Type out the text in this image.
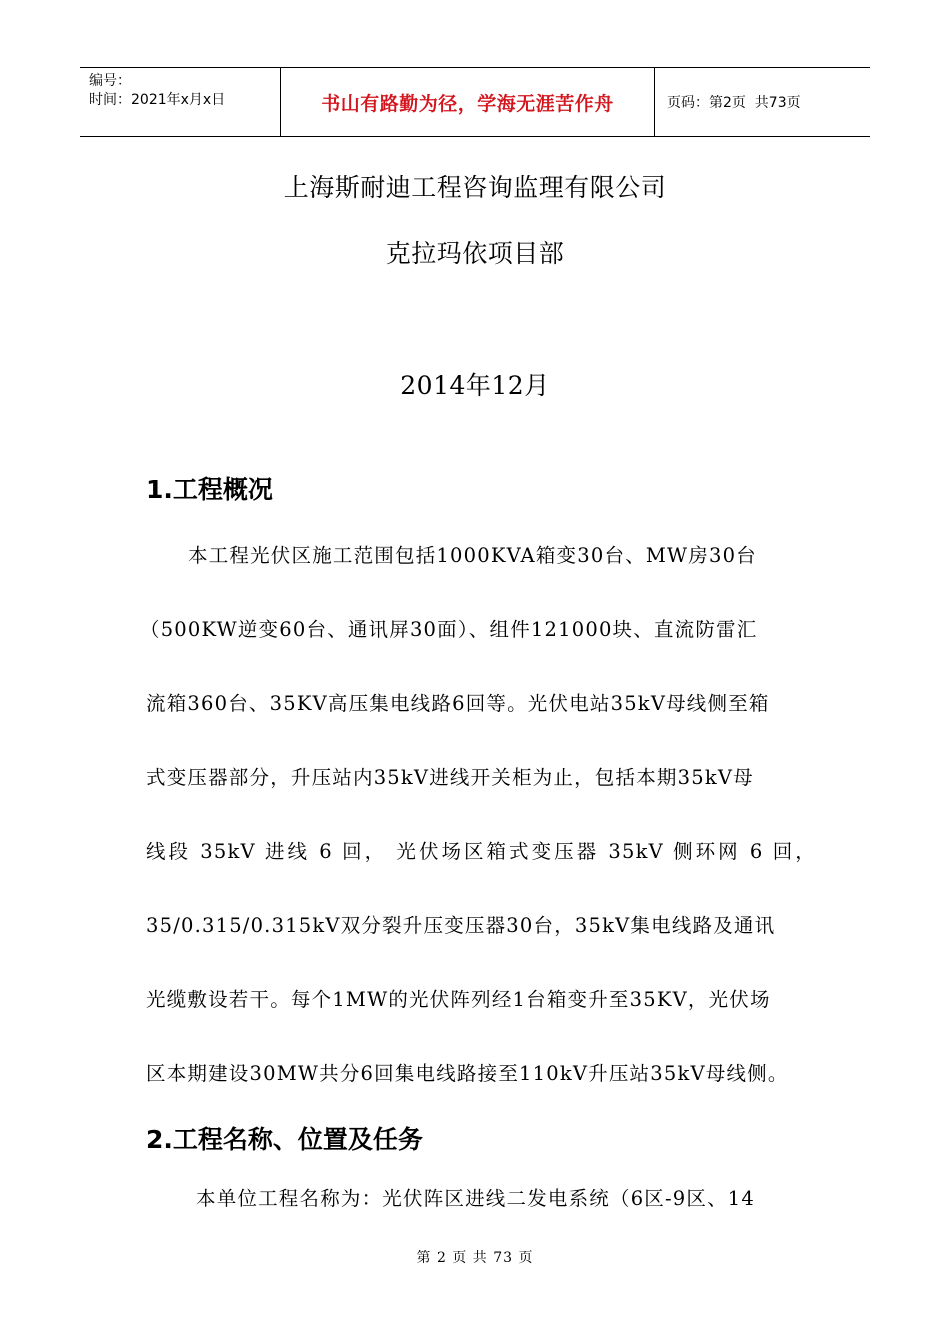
编号：
时间：2021年x月x日	书山有路勤为径，学海无涯苦作舟	页码：第2页  共73页
上海斯耐迪工程咨询监理有限公司
克拉玛依项目部
2014年12月
1.工程概况
本工程光伏区施工范围包括1000KVA箱变30台、MW房30台
（500KW逆变60台、通讯屏30面）、组件121000块、直流防雷汇
流箱360台、35KV高压集电线路6回等。光伏电站35kV母线侧至箱
式变压器部分，升压站内35kV进线开关柜为止，包括本期35kV母
线段 35kV 进线 6 回， 光伏场区箱式变压器 35kV 侧环网 6 回，
35/0.315/0.315kV双分裂升压变压器30台，35kV集电线路及通讯
光缆敷设若干。每个1MW的光伏阵列经1台箱变升至35KV，光伏场
区本期建设30MW共分6回集电线路接至110kV升压站35kV母线侧。
2.工程名称、位置及任务
本单位工程名称为：光伏阵区进线二发电系统（6区-9区、14
第 2 页 共 73 页
